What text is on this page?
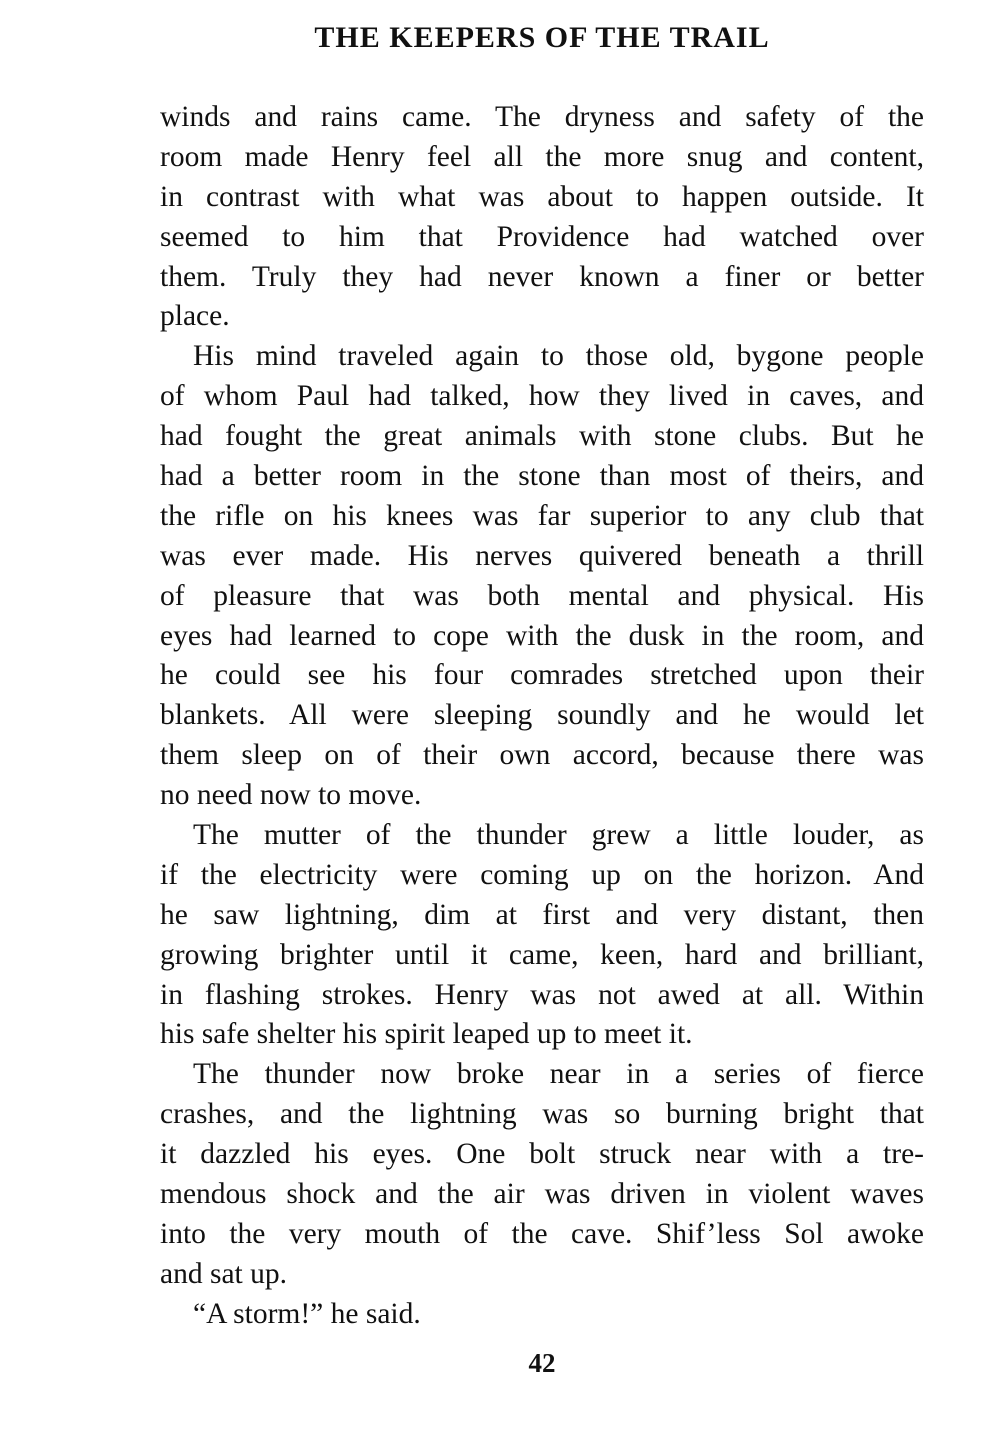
THE KEEPERS OF THE TRAIL
winds and rains came. The dryness and safety of the
room made Henry feel all the more snug and content,
in contrast with what was about to happen outside. It
seemed to him that Providence had watched over
them. Truly they had never known a finer or better
place.
His mind traveled again to those old, bygone people
of whom Paul had talked, how they lived in caves, and
had fought the great animals with stone clubs. But he
had a better room in the stone than most of theirs, and
the rifle on his knees was far superior to any club that
was ever made. His nerves quivered beneath a thrill
of pleasure that was both mental and physical. His
eyes had learned to cope with the dusk in the room, and
he could see his four comrades stretched upon their
blankets. All were sleeping soundly and he would let
them sleep on of their own accord, because there was
no need now to move.
The mutter of the thunder grew a little louder, as
if the electricity were coming up on the horizon. And
he saw lightning, dim at first and very distant, then
growing brighter until it came, keen, hard and brilliant,
in flashing strokes. Henry was not awed at all. Within
his safe shelter his spirit leaped up to meet it.
The thunder now broke near in a series of fierce
crashes, and the lightning was so burning bright that
it dazzled his eyes. One bolt struck near with a tre-
mendous shock and the air was driven in violent waves
into the very mouth of the cave. Shif’less Sol awoke
and sat up.
“A storm!” he said.
42
